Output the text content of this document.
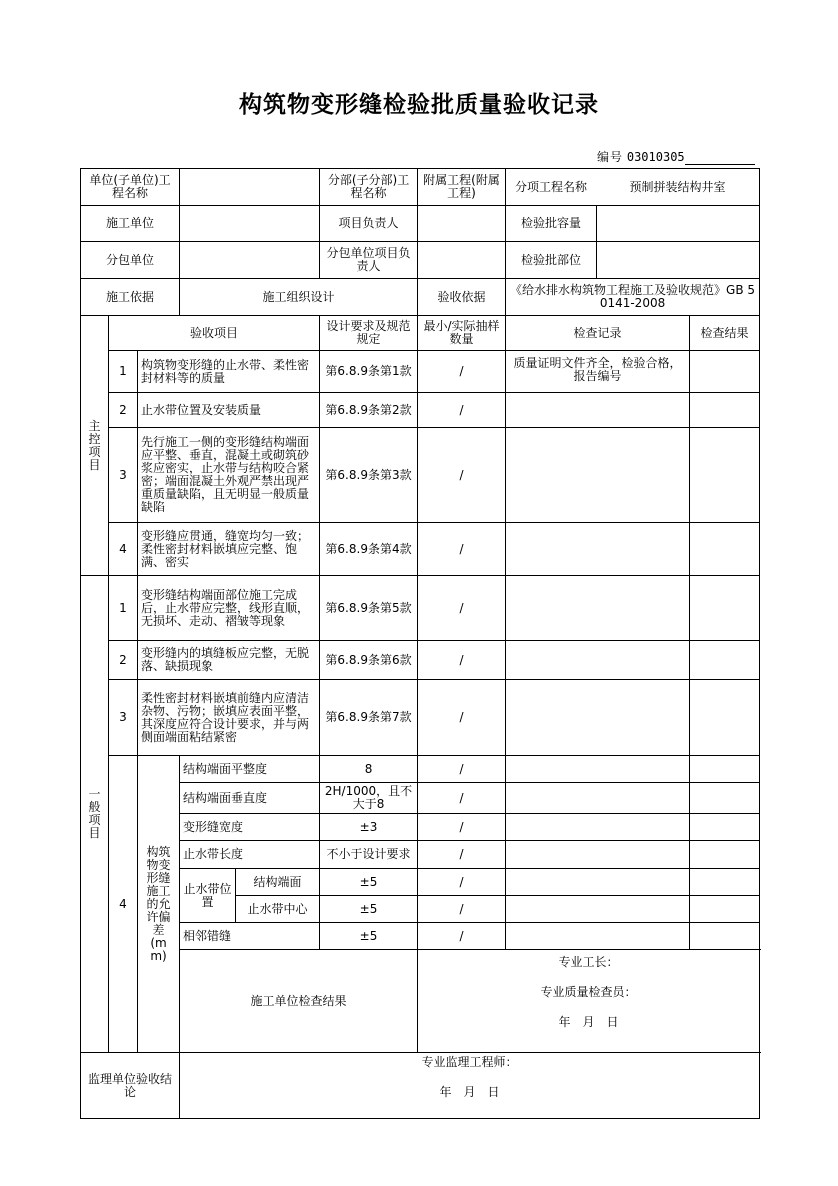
构筑物变形缝检验批质量验收记录
编号 03010305
单位(子单位)工程名称					分部(子分部)工程名称	附属工程(附属工程)	分项工程名称 预制拼装结构井室	

施工单位					项目负责人		检验批容量	

分包单位					分包单位项目负责人		检验批部位	

施工依据			施工组织设计			验收依据	《给水排水构筑物工程施工及验收规范》GB 50141-2008	

主控项目	验收项目				设计要求及规范规定	最小/实际抽样数量	检查记录	检查结果
	1	构筑物变形缝的止水带、柔性密封材料等的质量			第6.8.9条第1款	/	质量证明文件齐全，检验合格，报告编号	
	2	止水带位置及安装质量			第6.8.9条第2款	/		
	3	先行施工一侧的变形缝结构端面应平整、垂直，混凝土或砌筑砂浆应密实，止水带与结构咬合紧密；端面混凝土外观严禁出现严重质量缺陷，且无明显一般质量缺陷			第6.8.9条第3款	/		
	4	变形缝应贯通，缝宽均匀一致；柔性密封材料嵌填应完整、饱满、密实			第6.8.9条第4款	/		

一般项目	1	变形缝结构端面部位施工完成后，止水带应完整，线形直顺，无损坏、走动、褶皱等现象			第6.8.9条第5款	/		
	2	变形缝内的填缝板应完整，无脱落、缺损现象			第6.8.9条第6款	/		
	3	柔性密封材料嵌填前缝内应清洁杂物、污物；嵌填应表面平整，其深度应符合设计要求，并与两侧面端面粘结紧密			第6.8.9条第7款	/		
	4	构筑物变形缝施工的允许偏差(mm)	结构端面平整度		8	/		
			结构端面垂直度		2H/1000，且不大于8	/		
			变形缝宽度		±3	/		
			止水带长度		不小于设计要求	/		
			止水带位置	结构端面	±5	/		
				止水带中心	±5	/		
			相邻错缝		±5	/		
			施工单位检查结果			专业工长：
专业质量检查员：
年　月　日		

监理单位验收结论			专业监理工程师：
年　月　日					
